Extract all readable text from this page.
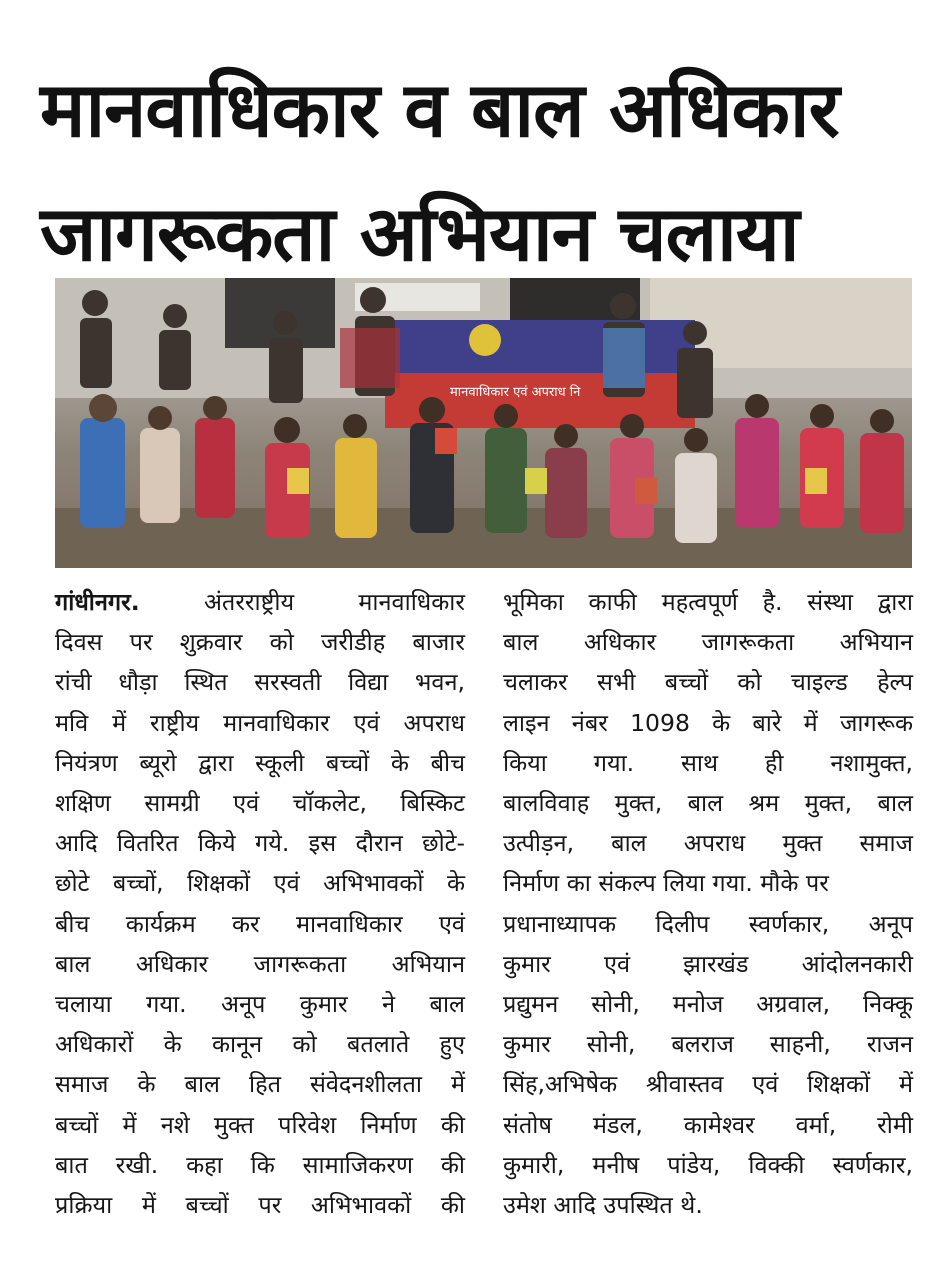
मानवाधिकार व बाल अधिकार
जागरूकता अभियान चलाया
मानवाधिकार एवं अपराध नि
गांधीनगर. अंतरराष्ट्रीय मानवाधिकार
दिवस पर शुक्रवार को जरीडीह बाजार
रांची धौड़ा स्थित सरस्वती विद्या भवन,
मवि में राष्ट्रीय मानवाधिकार एवं अपराध
नियंत्रण ब्यूरो द्वारा स्कूली बच्चों के बीच
शक्षिण सामग्री एवं चॉकलेट, बिस्किट
आदि वितरित किये गये. इस दौरान छोटे-
छोटे बच्चों, शिक्षकों एवं अभिभावकों के
बीच कार्यक्रम कर मानवाधिकार एवं
बाल अधिकार जागरूकता अभियान
चलाया गया. अनूप कुमार ने बाल
अधिकारों के कानून को बतलाते हुए
समाज के बाल हित संवेदनशीलता में
बच्चों में नशे मुक्त परिवेश निर्माण की
बात रखी. कहा कि सामाजिकरण की
प्रक्रिया में बच्चों पर अभिभावकों की
भूमिका काफी महत्वपूर्ण है. संस्था द्वारा
बाल अधिकार जागरूकता अभियान
चलाकर सभी बच्चों को चाइल्ड हेल्प
लाइन नंबर 1098 के बारे में जागरूक
किया गया. साथ ही नशामुक्त,
बालविवाह मुक्त, बाल श्रम मुक्त, बाल
उत्पीड़न, बाल अपराध मुक्त समाज
निर्माण का संकल्प लिया गया. मौके पर
प्रधानाध्यापक दिलीप स्वर्णकार, अनूप
कुमार एवं झारखंड आंदोलनकारी
प्रद्युमन सोनी, मनोज अग्रवाल, निक्कू
कुमार सोनी, बलराज साहनी, राजन
सिंह,अभिषेक श्रीवास्तव एवं शिक्षकों में
संतोष मंडल, कामेश्वर वर्मा, रोमी
कुमारी, मनीष पांडेय, विक्की स्वर्णकार,
उमेश आदि उपस्थित थे.
